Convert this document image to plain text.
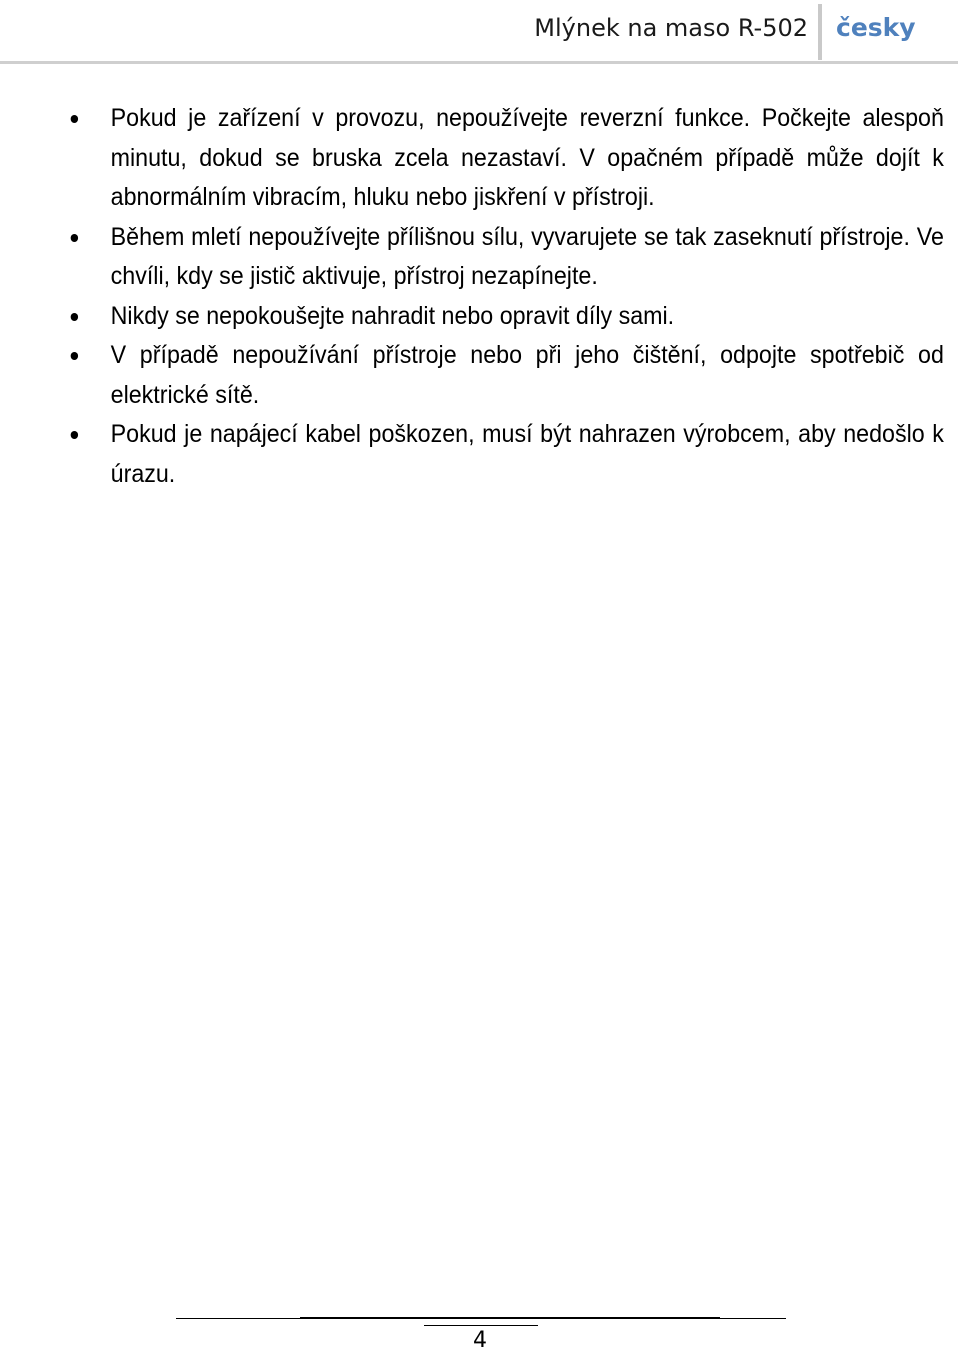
Mlýnek na maso R-502 česky
Pokud je zařízení v provozu, nepoužívejte reverzní funkce. Počkejte alespoň minutu, dokud se bruska zcela nezastaví. V opačném případě může dojít k abnormálním vibracím, hluku nebo jiskření v přístroji.
Během mletí nepoužívejte přílišnou sílu, vyvarujete se tak zaseknutí přístroje. Ve chvíli, kdy se jistič aktivuje, přístroj nezapínejte.
Nikdy se nepokoušejte nahradit nebo opravit díly sami.
V případě nepoužívání přístroje nebo při jeho čištění, odpojte spotřebič od elektrické sítě.
Pokud je napájecí kabel poškozen, musí být nahrazen výrobcem, aby nedošlo k úrazu.
4
